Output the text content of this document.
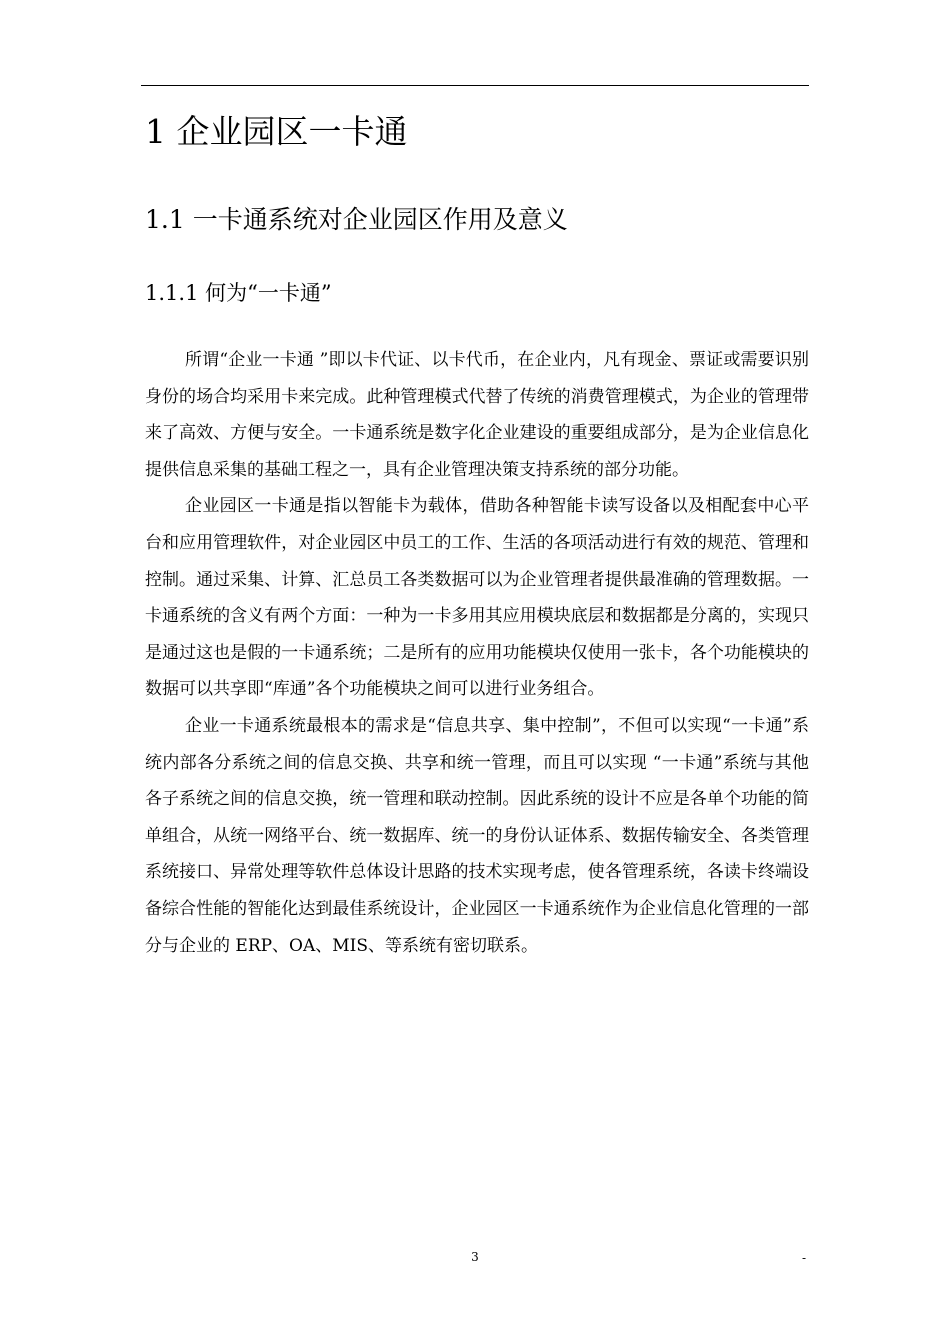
1 企业园区一卡通
1.1 一卡通系统对企业园区作用及意义
1.1.1 何为“一卡通”

所谓“企业一卡通 ”即以卡代证、以卡代币，在企业内，凡有现金、票证或需要识别身份的场合均采用卡来完成。此种管理模式代替了传统的消费管理模式，为企业的管理带来了高效、方便与安全。一卡通系统是数字化企业建设的重要组成部分，是为企业信息化提供信息采集的基础工程之一，具有企业管理决策支持系统的部分功能。

企业园区一卡通是指以智能卡为载体，借助各种智能卡读写设备以及相配套中心平台和应用管理软件，对企业园区中员工的工作、生活的各项活动进行有效的规范、管理和控制。通过采集、计算、汇总员工各类数据可以为企业管理者提供最准确的管理数据。一卡通系统的含义有两个方面：一种为一卡多用其应用模块底层和数据都是分离的，实现只是通过这也是假的一卡通系统；二是所有的应用功能模块仅使用一张卡，各个功能模块的数据可以共享即“库通”各个功能模块之间可以进行业务组合。

企业一卡通系统最根本的需求是“信息共享、集中控制”，不但可以实现“一卡通”系统内部各分系统之间的信息交换、共享和统一管理，而且可以实现 “一卡通”系统与其他各子系统之间的信息交换，统一管理和联动控制。因此系统的设计不应是各单个功能的简单组合，从统一网络平台、统一数据库、统一的身份认证体系、数据传输安全、各类管理系统接口、异常处理等软件总体设计思路的技术实现考虑，使各管理系统，各读卡终端设备综合性能的智能化达到最佳系统设计，企业园区一卡通系统作为企业信息化管理的一部分与企业的 ERP、OA、MIS、等系统有密切联系。

3	-
